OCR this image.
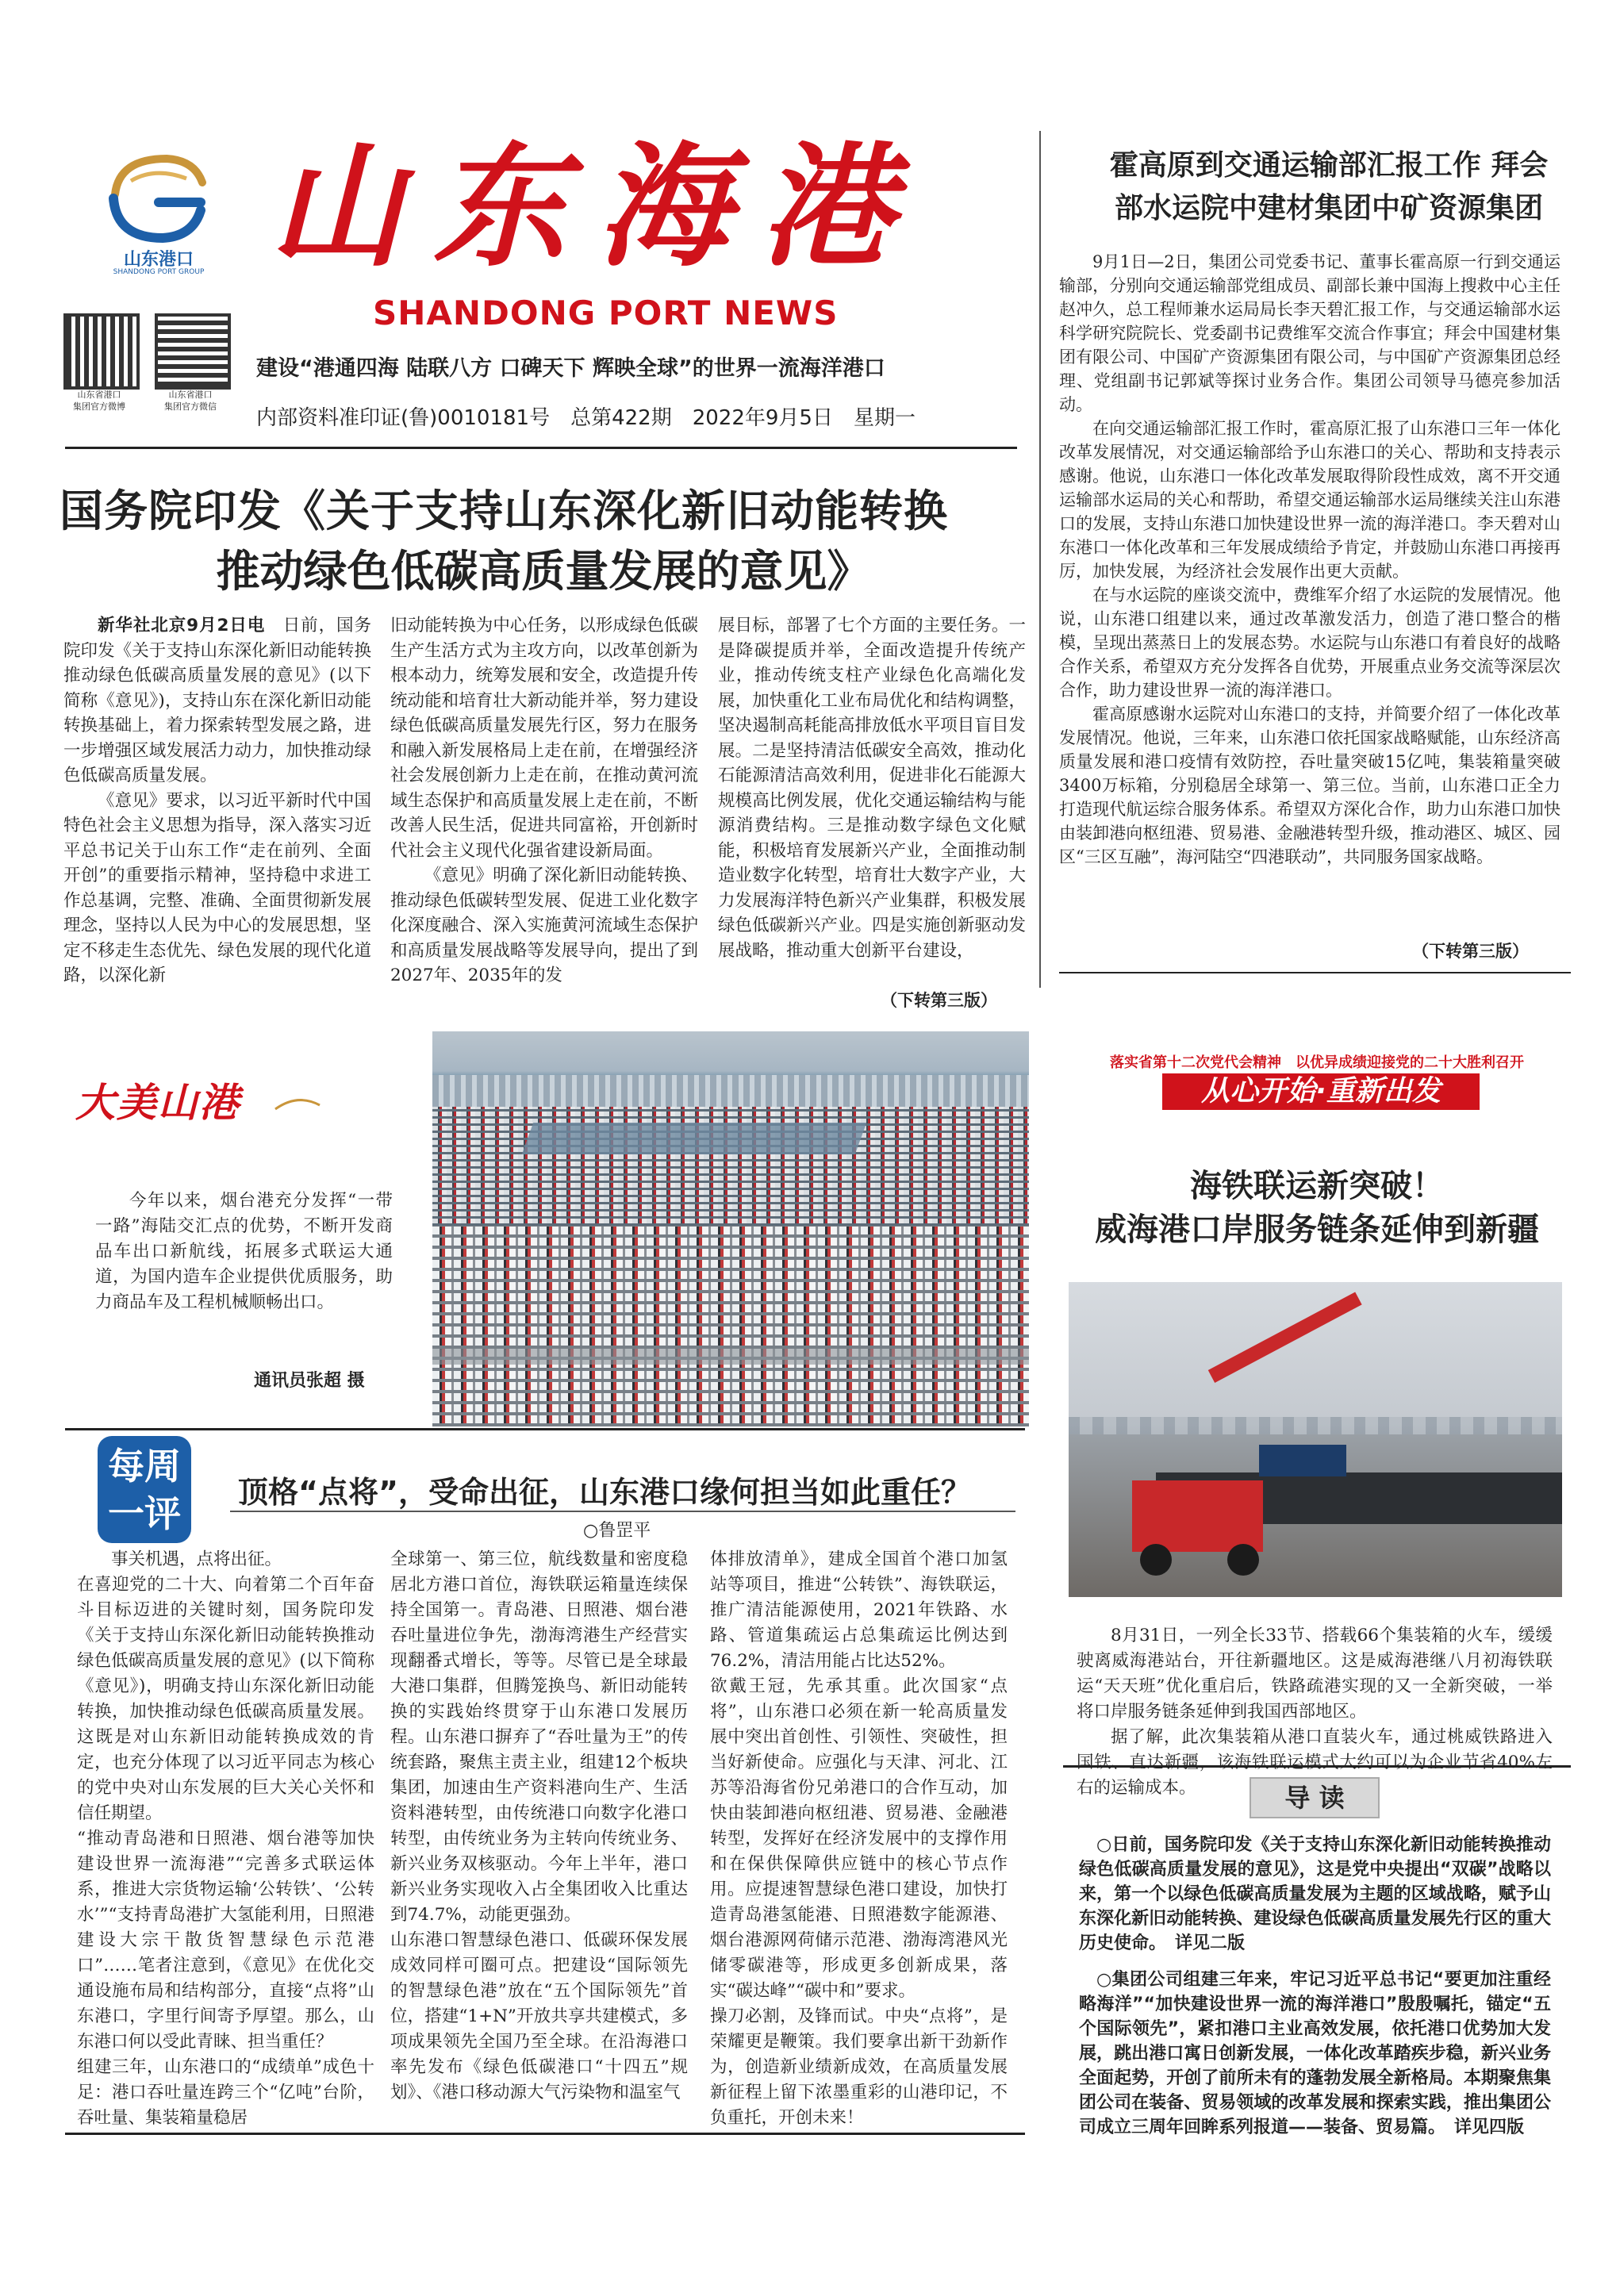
山东港口
SHANDONG PORT GROUP 山东海港
SHANDONG PORT NEWS
山东省港口
集团官方微博
山东省港口
集团官方微信
建设“港通四海 陆联八方 口碑天下 辉映全球”的世界一流海洋港口
内部资料准印证(鲁)0010181号　总第422期　2022年9月5日　星期一
霍高原到交通运输部汇报工作 拜会
部水运院中建材集团中矿资源集团

9月1日—2日，集团公司党委书记、董事长霍高原一行到交通运输部，分别向交通运输部党组成员、副部长兼中国海上搜救中心主任赵冲久，总工程师兼水运局局长李天碧汇报工作，与交通运输部水运科学研究院院长、党委副书记费维军交流合作事宜；拜会中国建材集团有限公司、中国矿产资源集团有限公司，与中国矿产资源集团总经理、党组副书记郭斌等探讨业务合作。集团公司领导马德亮参加活动。

在向交通运输部汇报工作时，霍高原汇报了山东港口三年一体化改革发展情况，对交通运输部给予山东港口的关心、帮助和支持表示感谢。他说，山东港口一体化改革发展取得阶段性成效，离不开交通运输部水运局的关心和帮助，希望交通运输部水运局继续关注山东港口的发展，支持山东港口加快建设世界一流的海洋港口。李天碧对山东港口一体化改革和三年发展成绩给予肯定，并鼓励山东港口再接再厉，加快发展，为经济社会发展作出更大贡献。

在与水运院的座谈交流中，费维军介绍了水运院的发展情况。他说，山东港口组建以来，通过改革激发活力，创造了港口整合的楷模，呈现出蒸蒸日上的发展态势。水运院与山东港口有着良好的战略合作关系，希望双方充分发挥各自优势，开展重点业务交流等深层次合作，助力建设世界一流的海洋港口。

霍高原感谢水运院对山东港口的支持，并简要介绍了一体化改革发展情况。他说，三年来，山东港口依托国家战略赋能，山东经济高质量发展和港口疫情有效防控，吞吐量突破15亿吨，集装箱量突破3400万标箱，分别稳居全球第一、第三位。当前，山东港口正全力打造现代航运综合服务体系。希望双方深化合作，助力山东港口加快由装卸港向枢纽港、贸易港、金融港转型升级，推动港区、城区、园区“三区互融”，海河陆空“四港联动”，共同服务国家战略。

（下转第三版）
国务院印发《关于支持山东深化新旧动能转换
推动绿色低碳高质量发展的意见》

新华社北京9月2日电　 日前，国务院印发《关于支持山东深化新旧动能转换推动绿色低碳高质量发展的意见》(以下简称《意见》)，支持山东在深化新旧动能转换基础上，着力探索转型发展之路，进一步增强区域发展活力动力，加快推动绿色低碳高质量发展。

《意见》要求，以习近平新时代中国特色社会主义思想为指导，深入落实习近平总书记关于山东工作“走在前列、全面开创”的重要指示精神，坚持稳中求进工作总基调，完整、准确、全面贯彻新发展理念，坚持以人民为中心的发展思想，坚定不移走生态优先、绿色发展的现代化道路，以深化新

旧动能转换为中心任务，以形成绿色低碳生产生活方式为主攻方向，以改革创新为根本动力，统筹发展和安全，改造提升传统动能和培育壮大新动能并举，努力建设绿色低碳高质量发展先行区，努力在服务和融入新发展格局上走在前，在增强经济社会发展创新力上走在前，在推动黄河流域生态保护和高质量发展上走在前，不断改善人民生活，促进共同富裕，开创新时代社会主义现代化强省建设新局面。

《意见》明确了深化新旧动能转换、推动绿色低碳转型发展、促进工业化数字化深度融合、深入实施黄河流域生态保护和高质量发展战略等发展导向，提出了到2027年、2035年的发

展目标，部署了七个方面的主要任务。一是降碳提质并举，全面改造提升传统产业，推动传统支柱产业绿色化高端化发展，加快重化工业布局优化和结构调整，坚决遏制高耗能高排放低水平项目盲目发展。二是坚持清洁低碳安全高效，推动化石能源清洁高效利用，促进非化石能源大规模高比例发展，优化交通运输结构与能源消费结构。三是推动数字绿色文化赋能，积极培育发展新兴产业，全面推动制造业数字化转型，培育壮大数字产业，大力发展海洋特色新兴产业集群，积极发展绿色低碳新兴产业。四是实施创新驱动发展战略，推动重大创新平台建设，

（下转第三版）
大美山港
今年以来，烟台港充分发挥“一带一路”海陆交汇点的优势，不断开发商品车出口新航线，拓展多式联运大通道，为国内造车企业提供优质服务，助力商品车及工程机械顺畅出口。
通讯员张超 摄
每周
一评	顶格“点将”，受命出征，山东港口缘何担当如此重任？
○鲁罡平
事关机遇，点将出征。
在喜迎党的二十大、向着第二个百年奋斗目标迈进的关键时刻，国务院印发《关于支持山东深化新旧动能转换推动绿色低碳高质量发展的意见》(以下简称《意见》)，明确支持山东深化新旧动能转换，加快推动绿色低碳高质量发展。这既是对山东新旧动能转换成效的肯定，也充分体现了以习近平同志为核心的党中央对山东发展的巨大关心关怀和信任期望。
“推动青岛港和日照港、烟台港等加快建设世界一流海港”“完善多式联运体系，推进大宗货物运输‘公转铁’、‘公转水’”“支持青岛港扩大氢能利用，日照港建设大宗干散货智慧绿色示范港口”……笔者注意到，《意见》在优化交通设施布局和结构部分，直接“点将”山东港口，字里行间寄予厚望。那么，山东港口何以受此青睐、担当重任？
组建三年，山东港口的“成绩单”成色十足：港口吞吐量连跨三个“亿吨”台阶，吞吐量、集装箱量稳居
全球第一、第三位，航线数量和密度稳居北方港口首位，海铁联运箱量连续保持全国第一。青岛港、日照港、烟台港吞吐量进位争先，渤海湾港生产经营实现翻番式增长，等等。尽管已是全球最大港口集群，但腾笼换鸟、新旧动能转换的实践始终贯穿于山东港口发展历程。山东港口摒弃了“吞吐量为王”的传统套路，聚焦主责主业，组建12个板块集团，加速由生产资料港向生产、生活资料港转型，由传统港口向数字化港口转型，由传统业务为主转向传统业务、新兴业务双核驱动。今年上半年，港口新兴业务实现收入占全集团收入比重达到74.7%，动能更强劲。
山东港口智慧绿色港口、低碳环保发展成效同样可圈可点。把建设“国际领先的智慧绿色港”放在“五个国际领先”首位，搭建“1+N”开放共享共建模式，多项成果领先全国乃至全球。在沿海港口率先发布《绿色低碳港口“十四五”规划》、《港口移动源大气污染物和温室气
体排放清单》，建成全国首个港口加氢站等项目，推进“公转铁”、海铁联运，推广清洁能源使用，2021年铁路、水路、管道集疏运占总集疏运比例达到76.2%，清洁用能占比达52%。
欲戴王冠，先承其重。此次国家“点将”，山东港口必须在新一轮高质量发展中突出首创性、引领性、突破性，担当好新使命。应强化与天津、河北、江苏等沿海省份兄弟港口的合作互动，加快由装卸港向枢纽港、贸易港、金融港转型，发挥好在经济发展中的支撑作用和在保供保障供应链中的核心节点作用。应提速智慧绿色港口建设，加快打造青岛港氢能港、日照港数字能源港、烟台港源网荷储示范港、渤海湾港风光储零碳港等，形成更多创新成果，落实“碳达峰”“碳中和”要求。
操刀必割，及锋而试。中央“点将”，是荣耀更是鞭策。我们要拿出新干劲新作为，创造新业绩新成效，在高质量发展新征程上留下浓墨重彩的山港印记，不负重托，开创未来！
落实省第十二次党代会精神　以优异成绩迎接党的二十大胜利召开
从心开始·重新出发
海铁联运新突破！
威海港口岸服务链条延伸到新疆

8月31日，一列全长33节、搭载66个集装箱的火车，缓缓驶离威海港站台，开往新疆地区。这是威海港继八月初海铁联运“天天班”优化重启后，铁路疏港实现的又一全新突破，一举将口岸服务链条延伸到我国西部地区。

据了解，此次集装箱从港口直装火车，通过桃威铁路进入国铁、直达新疆，该海铁联运模式大约可以为企业节省40%左右的运输成本。	导 读
○日前，国务院印发《关于支持山东深化新旧动能转换推动绿色低碳高质量发展的意见》，这是党中央提出“双碳”战略以来，第一个以绿色低碳高质量发展为主题的区域战略，赋予山东深化新旧动能转换、建设绿色低碳高质量发展先行区的重大历史使命。　详见二版
○集团公司组建三年来，牢记习近平总书记“要更加注重经略海洋”“加快建设世界一流的海洋港口”殷殷嘱托，锚定“五个国际领先”，紧扣港口主业高效发展，依托港口优势加大发展，跳出港口寓日创新发展，一体化改革踏疾步稳，新兴业务全面起势，开创了前所未有的蓬勃发展全新格局。本期聚焦集团公司在装备、贸易领域的改革发展和探索实践，推出集团公司成立三周年回眸系列报道——装备、贸易篇。　详见四版
